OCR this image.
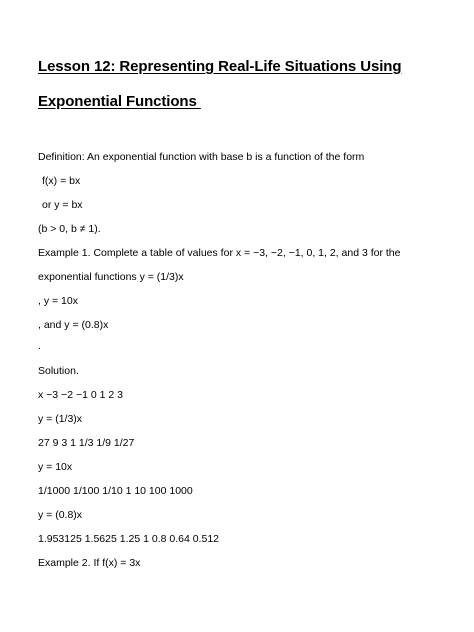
Lesson 12: Representing Real-Life Situations Using
Exponential Functions
Definition: An exponential function with base b is a function of the form
f(x) = bx
or y = bx
(b > 0, b ≠ 1).
Example 1. Complete a table of values for x = −3, −2, −1, 0, 1, 2, and 3 for the
exponential functions y = (1/3)x
, y = 10x
, and y = (0.8)x
.
Solution.
x −3 −2 −1 0 1 2 3
y = (1/3)x
27 9 3 1 1/3 1/9 1/27
y = 10x
1/1000 1/100 1/10 1 10 100 1000
y = (0.8)x
1.953125 1.5625 1.25 1 0.8 0.64 0.512
Example 2. If f(x) = 3x
